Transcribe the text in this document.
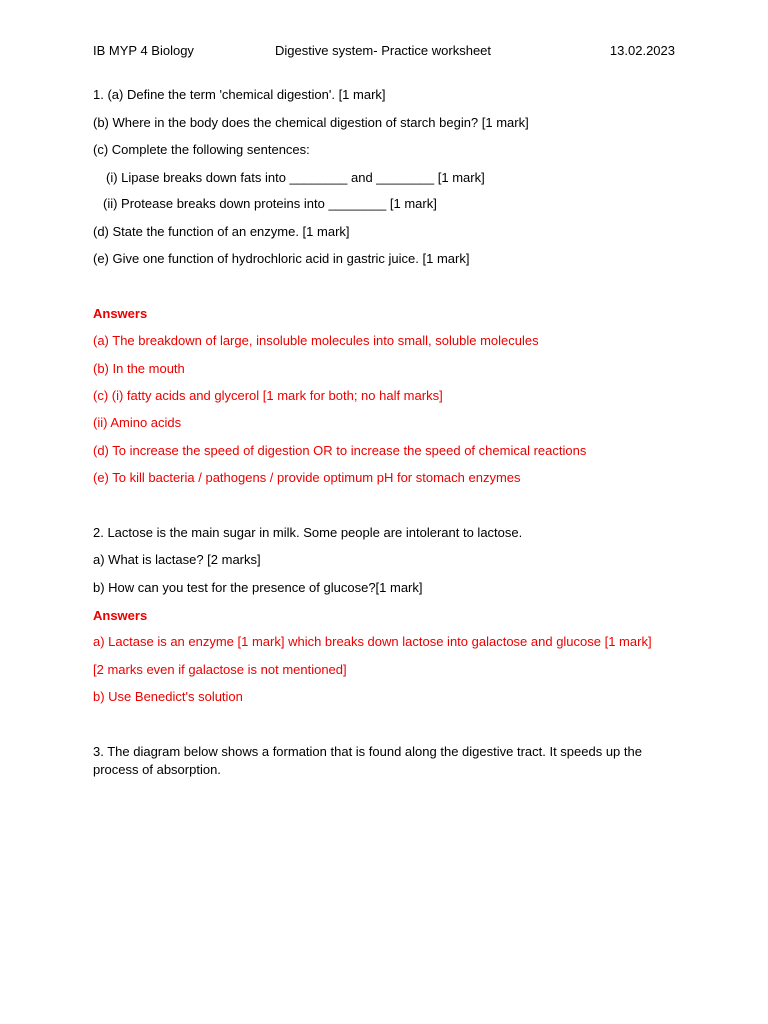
IB MYP 4 Biology	Digestive system- Practice worksheet	13.02.2023
1. (a) Define the term 'chemical digestion'. [1 mark]
(b) Where in the body does the chemical digestion of starch begin? [1 mark]
(c) Complete the following sentences:
(i) Lipase breaks down fats into ________ and ________ [1 mark]
(ii) Protease breaks down proteins into ________ [1 mark]
(d) State the function of an enzyme. [1 mark]
(e) Give one function of hydrochloric acid in gastric juice. [1 mark]
Answers
(a) The breakdown of large, insoluble molecules into small, soluble molecules
(b) In the mouth
(c) (i) fatty acids and glycerol [1 mark for both; no half marks]
(ii) Amino acids
(d) To increase the speed of digestion OR to increase the speed of chemical reactions
(e) To kill bacteria / pathogens / provide optimum pH for stomach enzymes
2. Lactose is the main sugar in milk. Some people are intolerant to lactose.
a) What is lactase? [2 marks]
b) How can you test for the presence of glucose?[1 mark]
Answers
a) Lactase is an enzyme [1 mark] which breaks down lactose into galactose and glucose [1 mark]
[2 marks even if galactose is not mentioned]
b) Use Benedict's solution
3. The diagram below shows a formation that is found along the digestive tract. It speeds up the process of absorption.
